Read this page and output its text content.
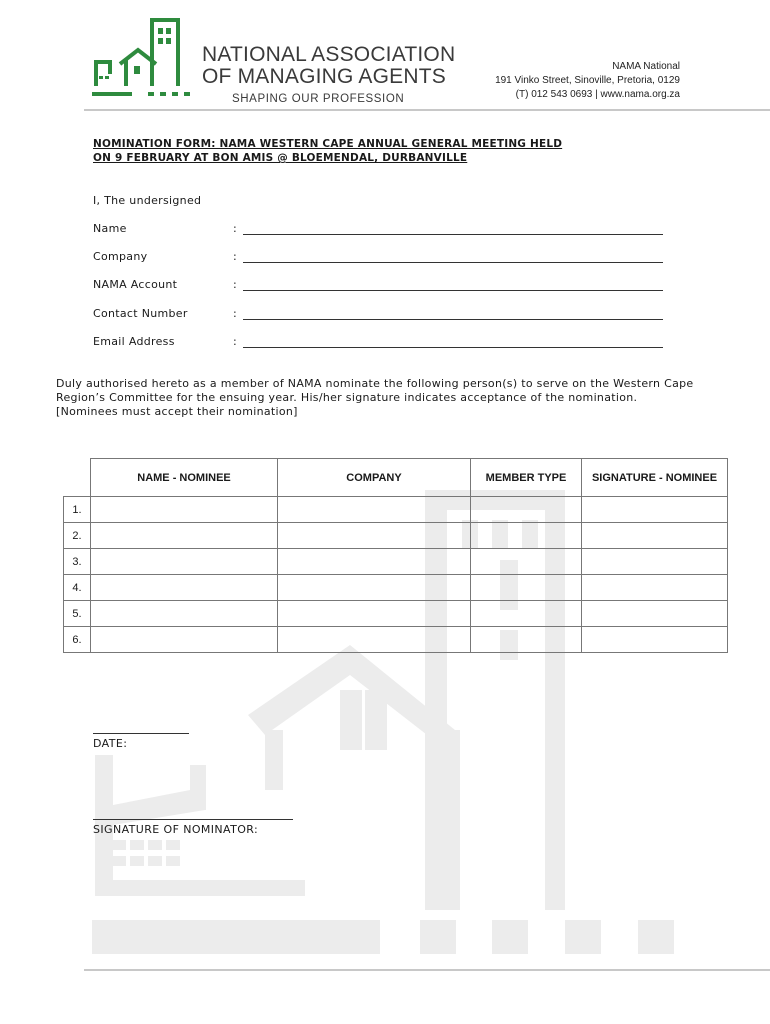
NATIONAL ASSOCIATION
OF MANAGING AGENTS
SHAPING OUR PROFESSION
NAMA National
191 Vinko Street, Sinoville, Pretoria, 0129
(T) 012 543 0693 | www.nama.org.za
NOMINATION FORM: NAMA WESTERN CAPE ANNUAL GENERAL MEETING HELD
ON 9 FEBRUARY AT BON AMIS @ BLOEMENDAL, DURBANVILLE
I, The undersigned
Name	:
Company	:
NAMA Account	:
Contact Number	:
Email Address	:
Duly authorised hereto as a member of NAMA nominate the following person(s) to serve on the Western Cape
Region’s Committee for the ensuing year. His/her signature indicates acceptance of the nomination.
[Nominees must accept their nomination]
	NAME - NOMINEE	COMPANY	MEMBER TYPE	SIGNATURE - NOMINEE
1.				
2.				
3.				
4.				
5.				
6.				
DATE:
SIGNATURE OF NOMINATOR:
